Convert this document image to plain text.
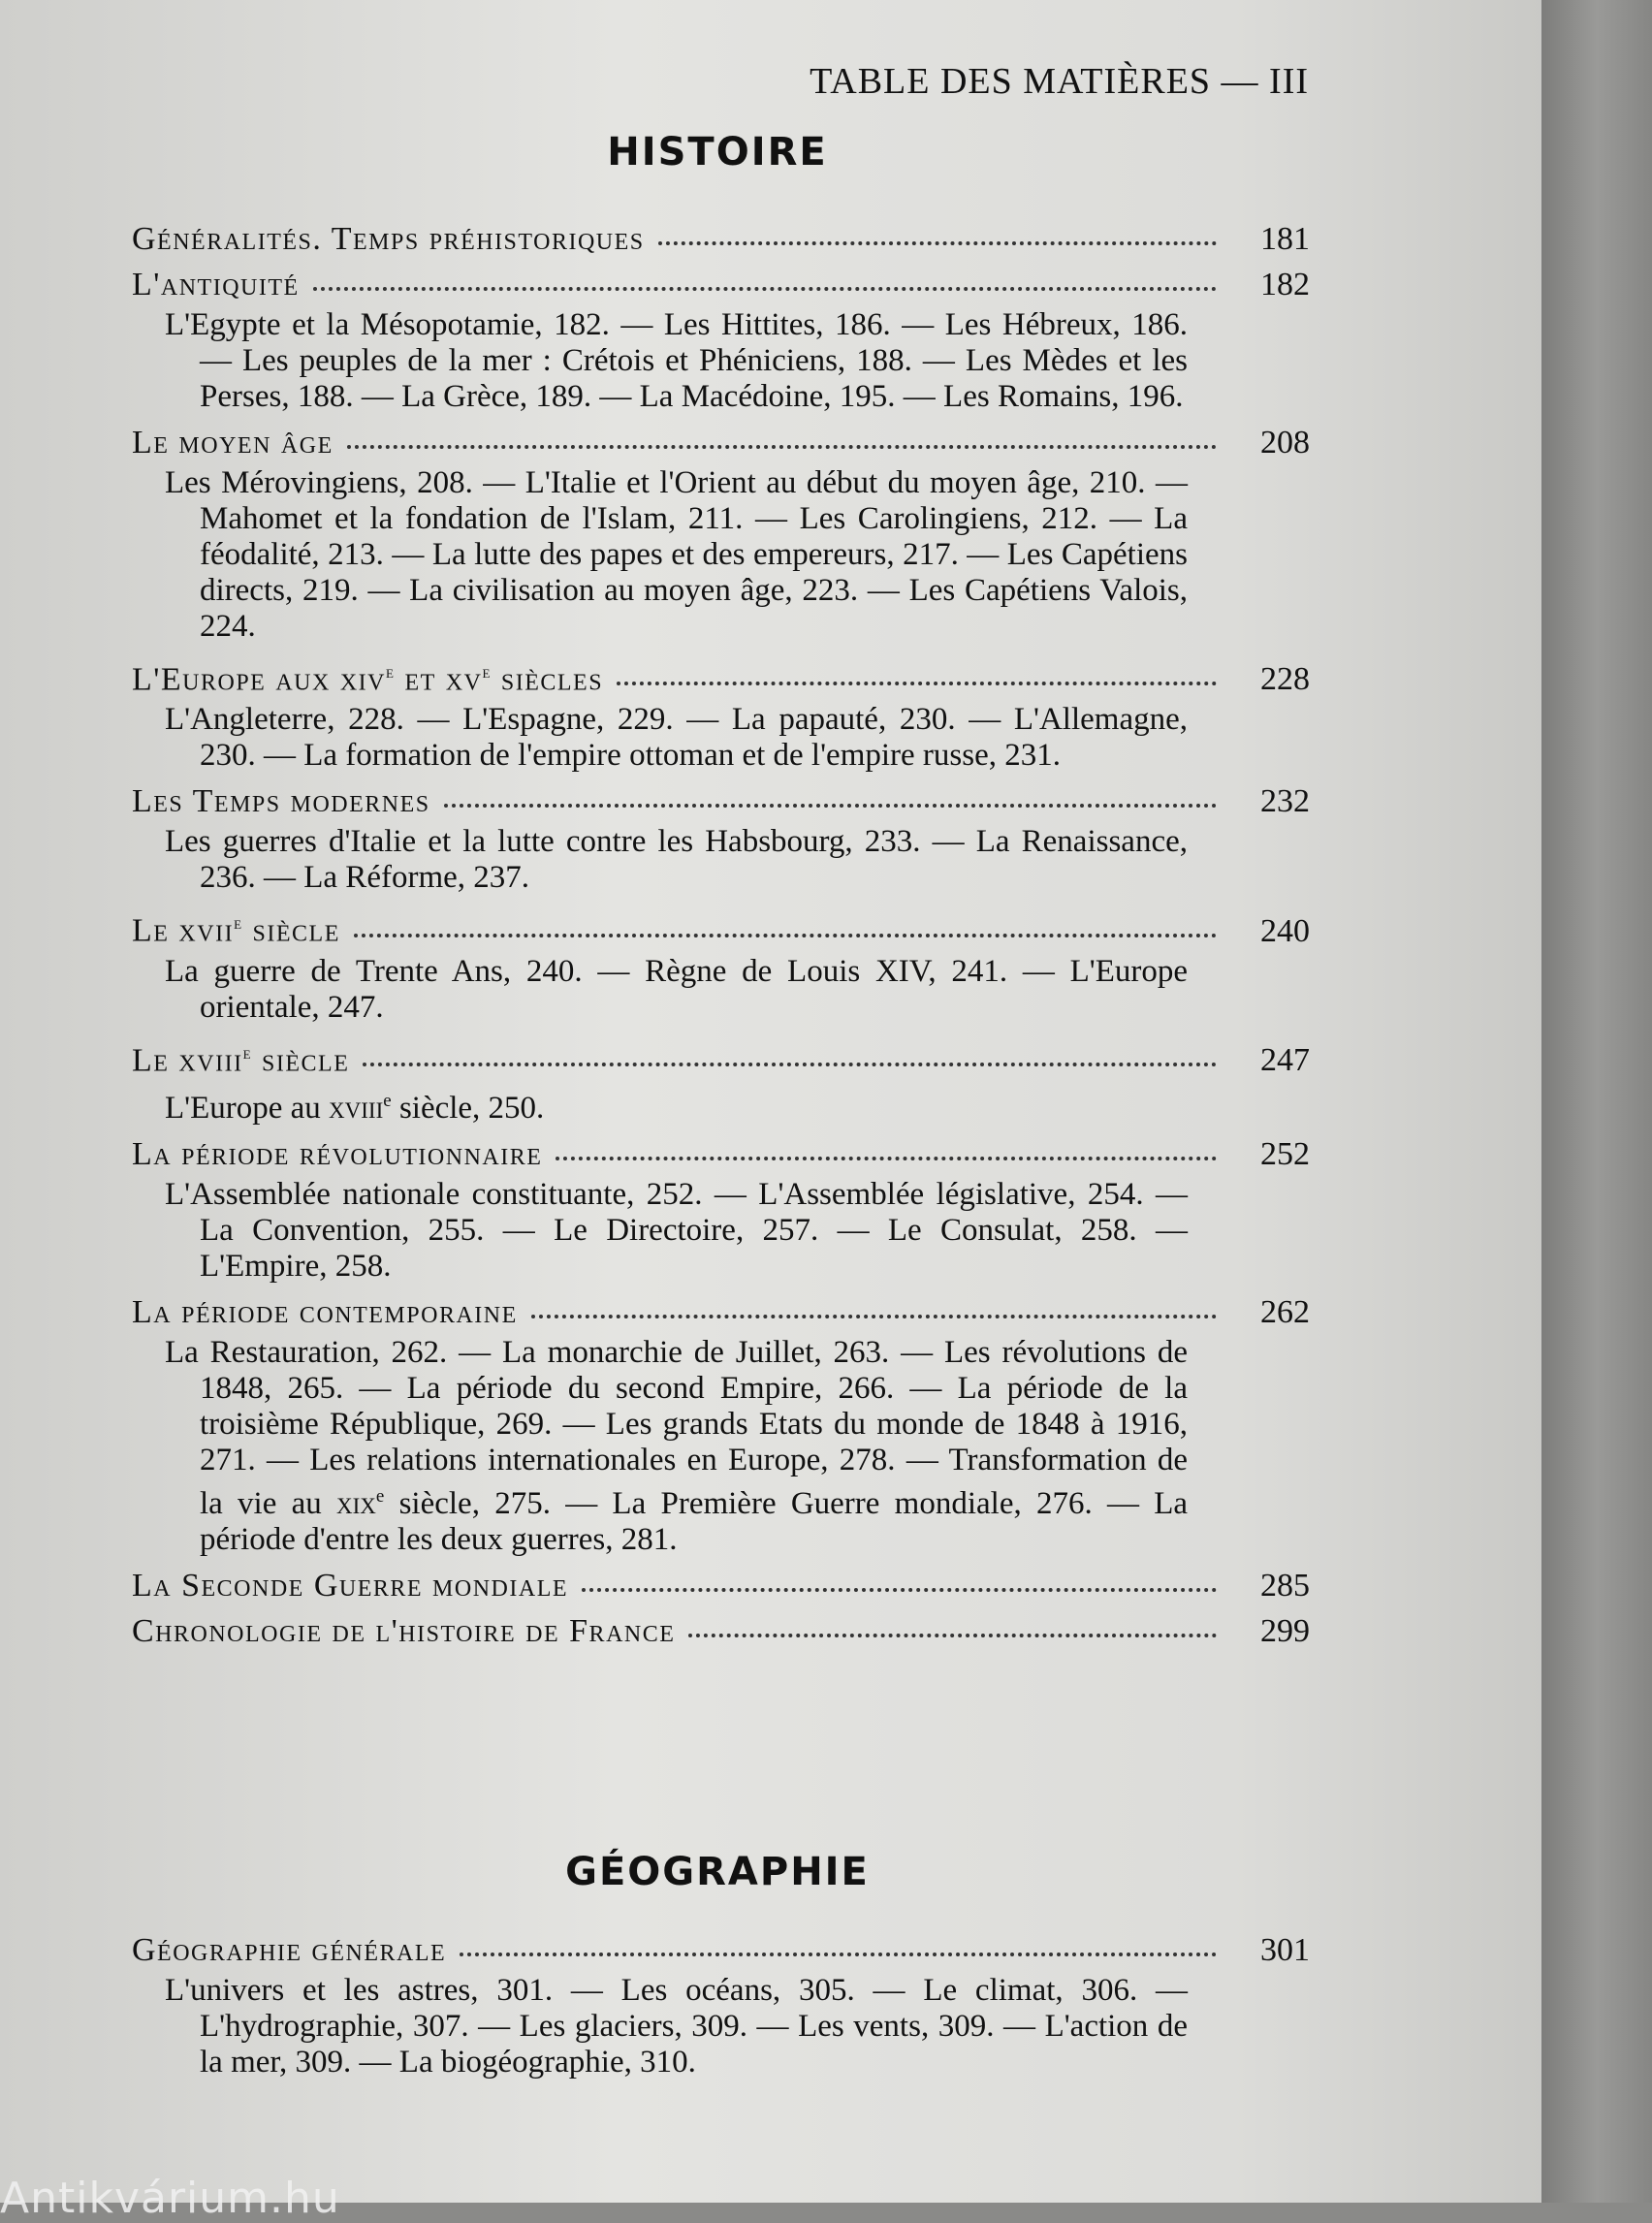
TABLE DES MATIÈRES — III
HISTOIRE
Généralités. Temps préhistoriques	181
L'antiquité	182
L'Egypte et la Mésopotamie, 182. — Les Hittites, 186. — Les Hébreux, 186. — Les peuples de la mer : Crétois et Phéniciens, 188. — Les Mèdes et les Perses, 188. — La Grèce, 189. — La Macédoine, 195. — Les Romains, 196.
Le moyen âge	208
Les Mérovingiens, 208. — L'Italie et l'Orient au début du moyen âge, 210. — Mahomet et la fondation de l'Islam, 211. — Les Carolingiens, 212. — La féodalité, 213. — La lutte des papes et des empereurs, 217. — Les Capétiens directs, 219. — La civilisation au moyen âge, 223. — Les Capétiens Valois, 224.
L'Europe aux xiv$^e$ et $xv^e$ siècles	228
L'Angleterre, 228. — L'Espagne, 229. — La papauté, 230. — L'Allemagne, 230. — La formation de l'empire ottoman et de l'empire russe, 231.
Les Temps modernes	232
Les guerres d'Italie et la lutte contre les Habsbourg, 233. — La Renaissance, 236. — La Réforme, 237.
Le xvii$^e$ siècle	240
La guerre de Trente Ans, 240. — Règne de Louis XIV, 241. — L'Europe orientale, 247.
Le xviii$^e$ siècle	247
L'Europe au xviii$^e$ siècle, 250.
La période révolutionnaire	252
L'Assemblée nationale constituante, 252. — L'Assemblée législative, 254. — La Convention, 255. — Le Directoire, 257. — Le Consulat, 258. — L'Empire, 258.
La période contemporaine	262
La Restauration, 262. — La monarchie de Juillet, 263. — Les révolutions de 1848, 265. — La période du second Empire, 266. — La période de la troisième République, 269. — Les grands Etats du monde de 1848 à 1916, 271. — Les relations internationales en Europe, 278. — Transformation de la vie au xix$^e$ siècle, 275. — La Première Guerre mondiale, 276. — La période d'entre les deux guerres, 281.
La Seconde Guerre mondiale	285
Chronologie de l'histoire de France	299
GÉOGRAPHIE
Géographie générale	301
L'univers et les astres, 301. — Les océans, 305. — Le climat, 306. — L'hydrographie, 307. — Les glaciers, 309. — Les vents, 309. — L'action de la mer, 309. — La biogéographie, 310.
Antikvárium.hu
